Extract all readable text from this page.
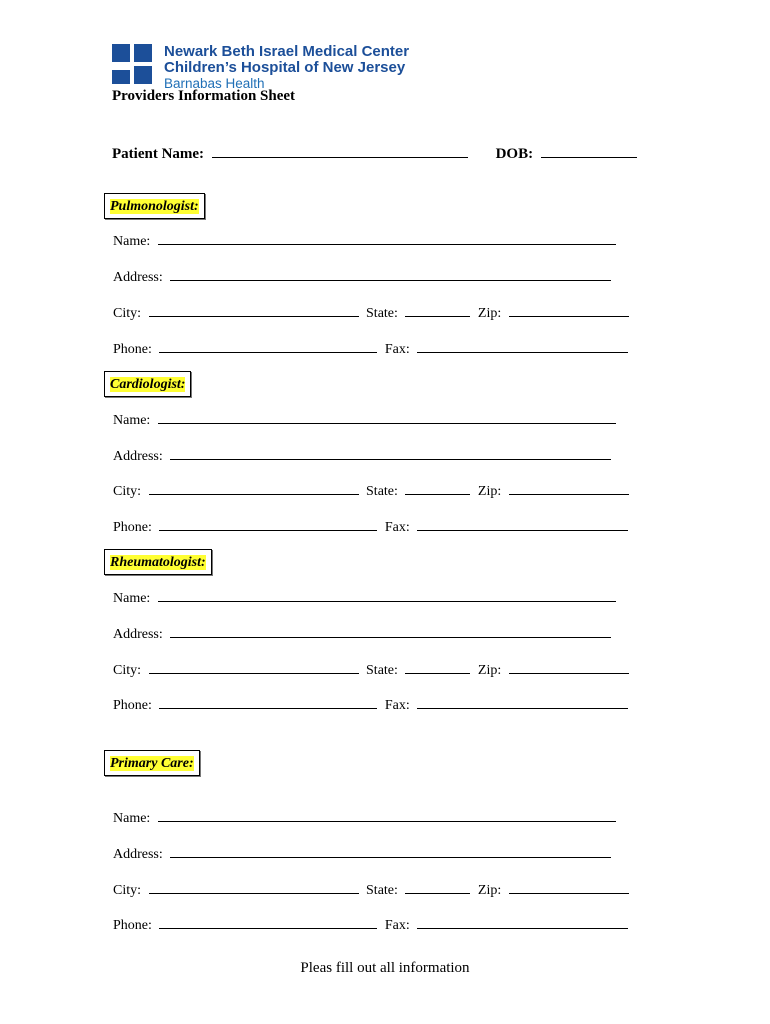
Newark Beth Israel Medical Center
Children’s Hospital of New Jersey
Barnabas Health
Providers Information Sheet
Patient Name:	DOB:
Pulmonologist:
Name:
Address:
City:	State:	Zip:
Phone:	Fax:
Cardiologist:
Name:
Address:
City:	State:	Zip:
Phone:	Fax:
Rheumatologist:
Name:
Address:
City:	State:	Zip:
Phone:	Fax:
Primary Care:
Name:
Address:
City:	State:	Zip:
Phone:	Fax:
Pleas fill out all information
